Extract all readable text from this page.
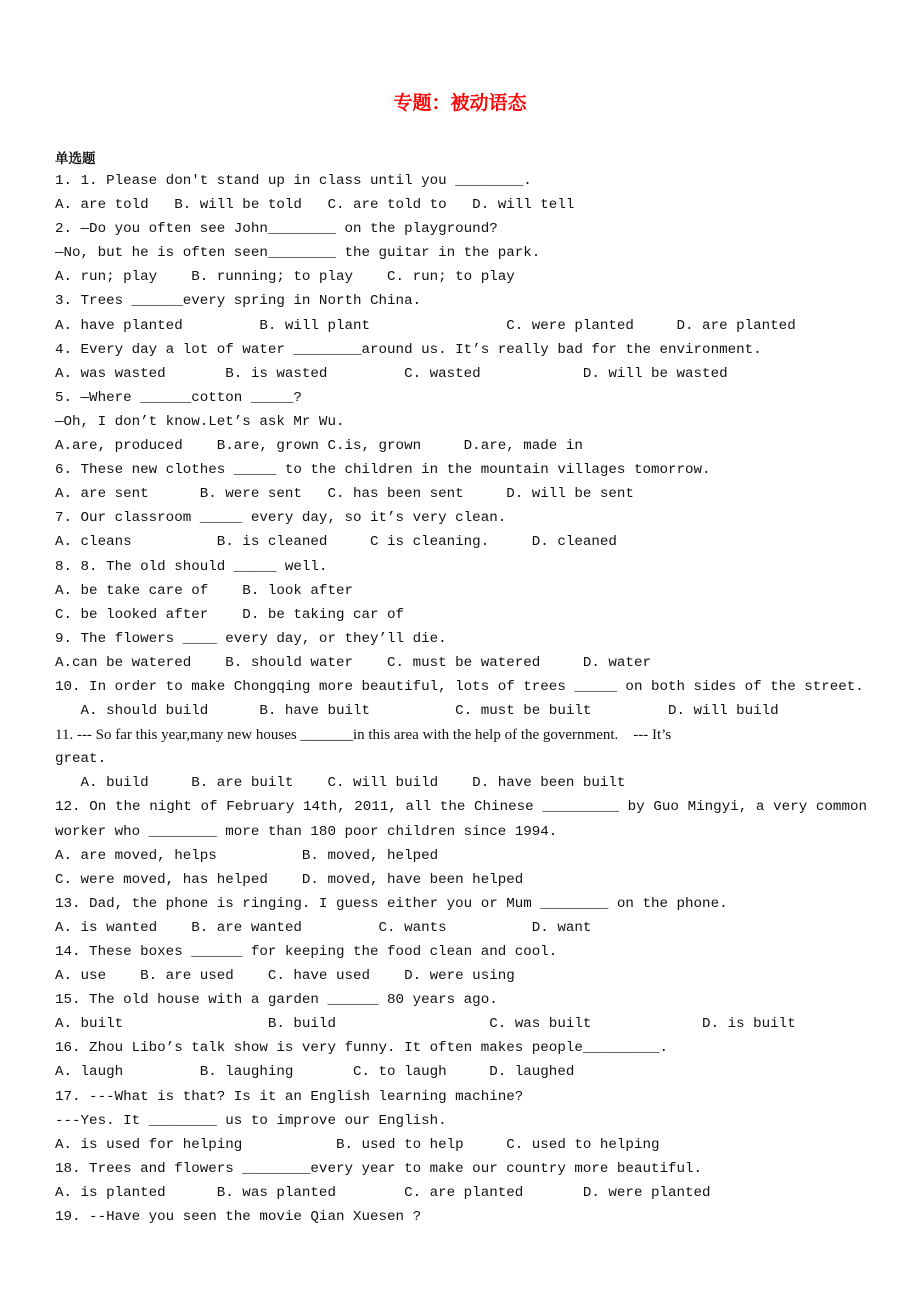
专题：被动语态
单选题
1. 1. Please don't stand up in class until you ________.
A. are told   B. will be told   C. are told to   D. will tell
2. —Do you often see John________ on the playground?
—No, but he is often seen________ the guitar in the park.
A. run; play    B. running; to play    C. run; to play
3. Trees ______every spring in North China.
A. have planted         B. will plant                C. were planted     D. are planted
4. Every day a lot of water ________around us. It’s really bad for the environment.
A. was wasted       B. is wasted         C. wasted            D. will be wasted
5. —Where ______cotton _____?
—Oh, I don’t know.Let’s ask Mr Wu.
A.are, produced    B.are, grown C.is, grown     D.are, made in
6. These new clothes _____ to the children in the mountain villages tomorrow.
A. are sent      B. were sent   C. has been sent     D. will be sent
7. Our classroom _____ every day, so it’s very clean.
A. cleans          B. is cleaned     C is cleaning.     D. cleaned
8. 8. The old should _____ well.
A. be take care of    B. look after
C. be looked after    D. be taking car of
9. The flowers ____ every day, or they’ll die.
A.can be watered    B. should water    C. must be watered     D. water
10. In order to make Chongqing more beautiful, lots of trees _____ on both sides of the street.
A. should build      B. have built          C. must be built         D. will build
11. --- So far this year,many new houses _______in this area with the help of the government.    --- It’s
great.
A. build     B. are built    C. will build    D. have been built
12. On the night of February 14th, 2011, all the Chinese _________ by Guo Mingyi, a very common
worker who ________ more than 180 poor children since 1994.
A. are moved, helps          B. moved, helped
C. were moved, has helped    D. moved, have been helped
13. Dad, the phone is ringing. I guess either you or Mum ________ on the phone.
A. is wanted    B. are wanted         C. wants          D. want
14. These boxes ______ for keeping the food clean and cool.
A. use    B. are used    C. have used    D. were using
15. The old house with a garden ______ 80 years ago.
A. built                 B. build                  C. was built             D. is built
16. Zhou Libo’s talk show is very funny. It often makes people_________.
A. laugh         B. laughing       C. to laugh     D. laughed
17. ---What is that? Is it an English learning machine?
---Yes. It ________ us to improve our English.
A. is used for helping           B. used to help     C. used to helping
18. Trees and flowers ________every year to make our country more beautiful.
A. is planted      B. was planted        C. are planted       D. were planted
19. --Have you seen the movie Qian Xuesen ?
